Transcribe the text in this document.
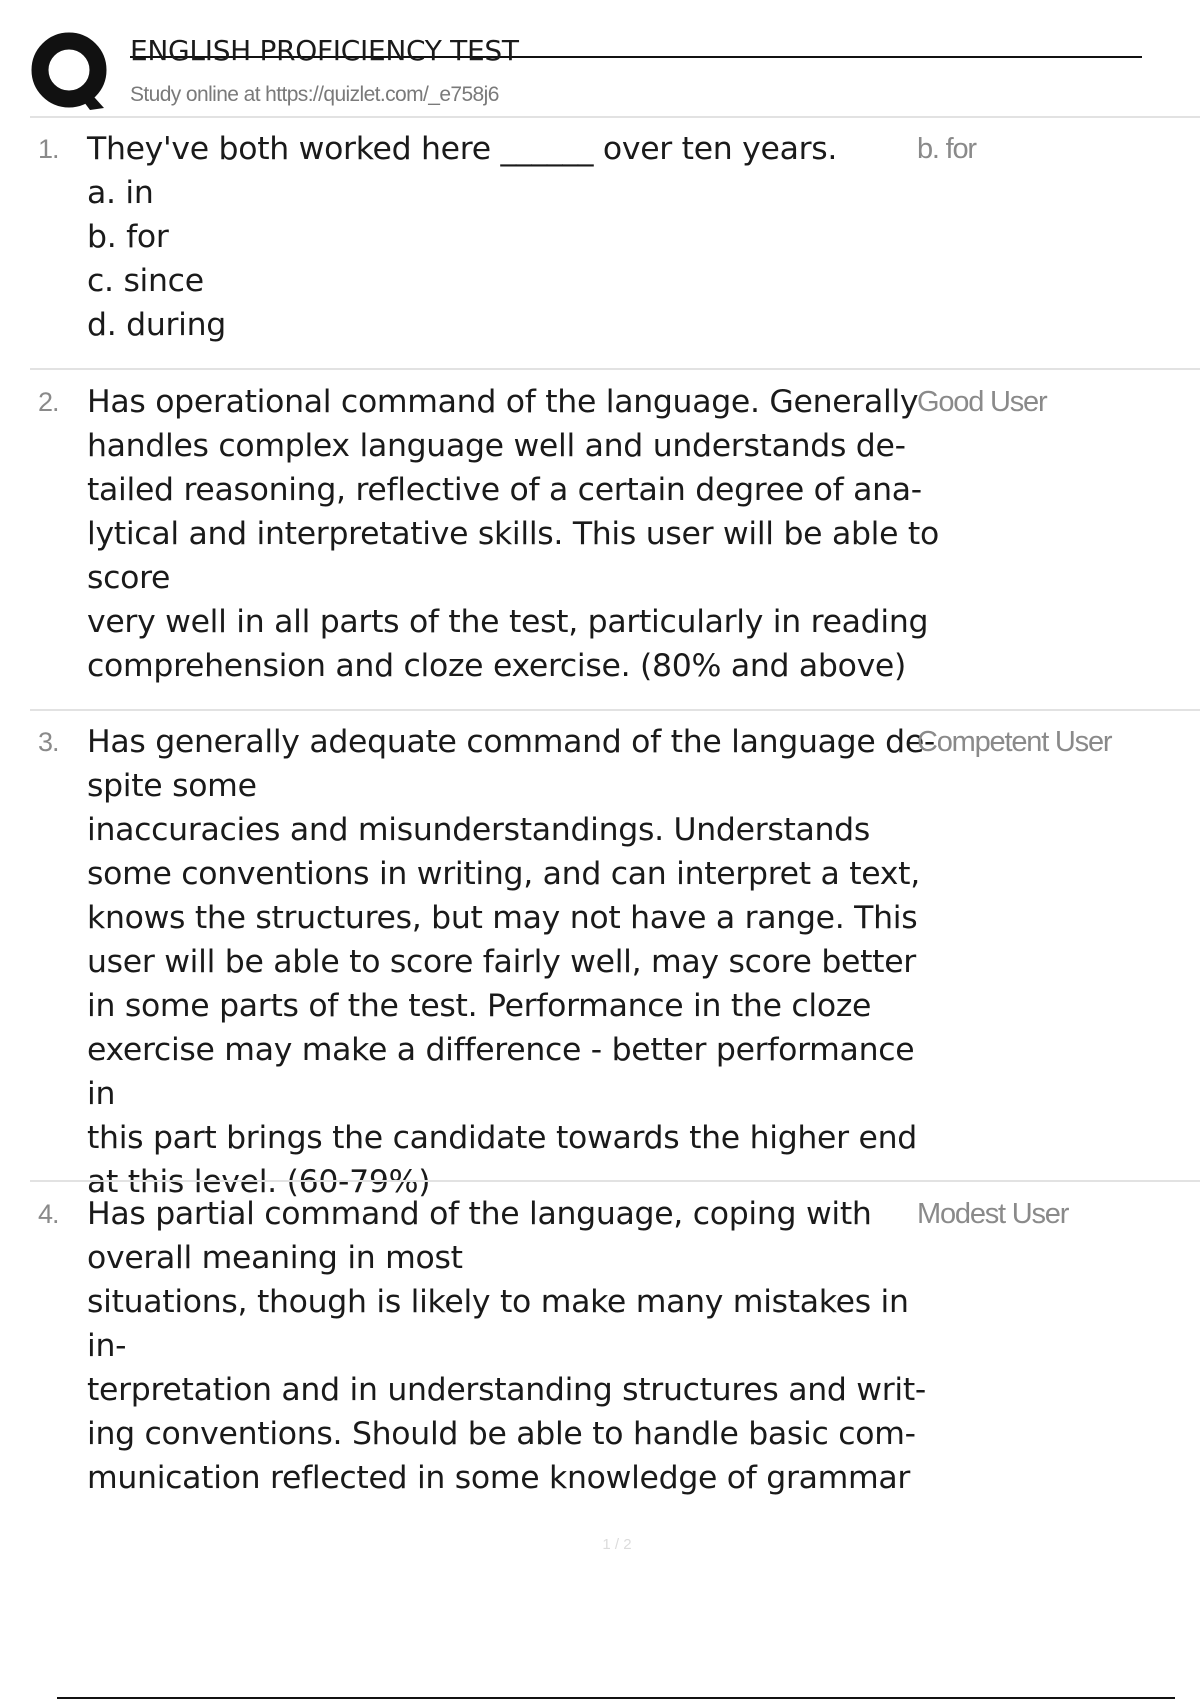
ENGLISH PROFICIENCY TEST
Study online at https://quizlet.com/_e758j6
1. They've both worked here ______ over ten years.
a. in
b. for
c. since
d. during
b. for
2. Has operational command of the language. Generally
handles complex language well and understands de-
tailed reasoning, reflective of a certain degree of ana-
lytical and interpretative skills. This user will be able to
score
very well in all parts of the test, particularly in reading
comprehension and cloze exercise. (80% and above)
Good User
3. Has generally adequate command of the language de-
spite some
inaccuracies and misunderstandings. Understands
some conventions in writing, and can interpret a text,
knows the structures, but may not have a range. This
user will be able to score fairly well, may score better
in some parts of the test. Performance in the cloze
exercise may make a difference - better performance in
this part brings the candidate towards the higher end
at this level. (60-79%)
Competent User
4. Has partial command of the language, coping with
overall meaning in most
situations, though is likely to make many mistakes in in-
terpretation and in understanding structures and writ-
ing conventions. Should be able to handle basic com-
munication reflected in some knowledge of grammar
Modest User
1 / 2
